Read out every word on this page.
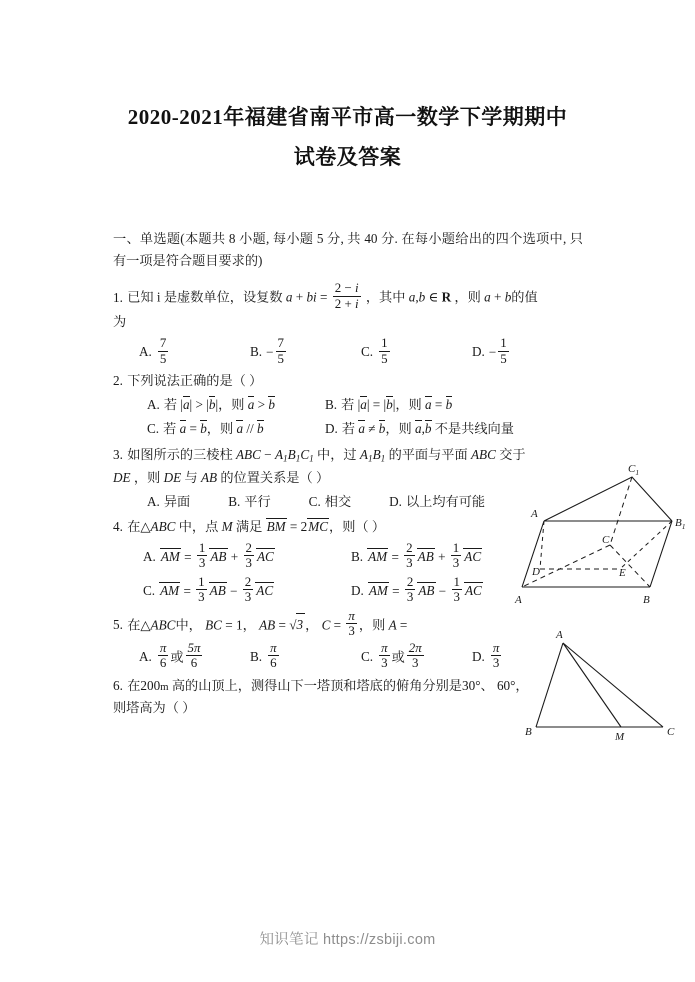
2020-2021年福建省南平市高一数学下学期期中
试卷及答案

一、单选题(本题共 8 小题, 每小题 5 分, 共 40 分. 在每小题给出的四个选项中, 只有一项是符合题目要求的)

1. 已知 i 是虚数单位，设复数 a + bi = $\frac{2 - i}{2 + i}$ ，其中 a,b ∈ R ，则 a + b的值

为

A. $\frac{7}{5}$	B. − $\frac{7}{5}$	C. $\frac{1}{5}$	D. − $\frac{1}{5}$

2. 下列说法正确的是（ ）

A. 若 |a| > |b|，则 a > b	B. 若 |a| = |b|，则 a = b
C. 若 a = b，则 a // b	D. 若 a ≠ b，则 a,b 不是共线向量

3. 如图所示的三棱柱 ABC − $A_1B_1C_1$ 中，过 $A_1B_1$ 的平面与平面 ABC 交于

DE ，则 DE 与 AB 的位置关系是（ ）

A. 异面	B. 平行	C. 相交	D. 以上均有可能

4. 在△ABC 中，点 M 满足 BM = 2MC，则（ ）

A. AM = $\frac{1}{3}$ AB + $\frac{2}{3}$ AC	B. AM = $\frac{2}{3}$ AB + $\frac{1}{3}$ AC
C. AM = $\frac{1}{3}$ AB − $\frac{2}{3}$ AC	D. AM = $\frac{2}{3}$ AB − $\frac{1}{3}$ AC

5. 在△ABC中， BC = 1， AB = √3 ， $C = \frac{\pi}{3}$ ，则 A =

A. $\frac{\pi}{6}$ 或 $\frac{5\pi}{6}$	B. $\frac{\pi}{6}$	C. $\frac{\pi}{3}$ 或 $\frac{2\pi}{3}$	D. $\frac{\pi}{3}$

6. 在200m 高的山顶上，测得山下一塔顶和塔底的俯角分别是30°、 60°，

则塔高为（ ）

$C_1$
A
$B_1$
C
D	E
A	B
A
B	M	C
知识笔记 https://zsbiji.com
